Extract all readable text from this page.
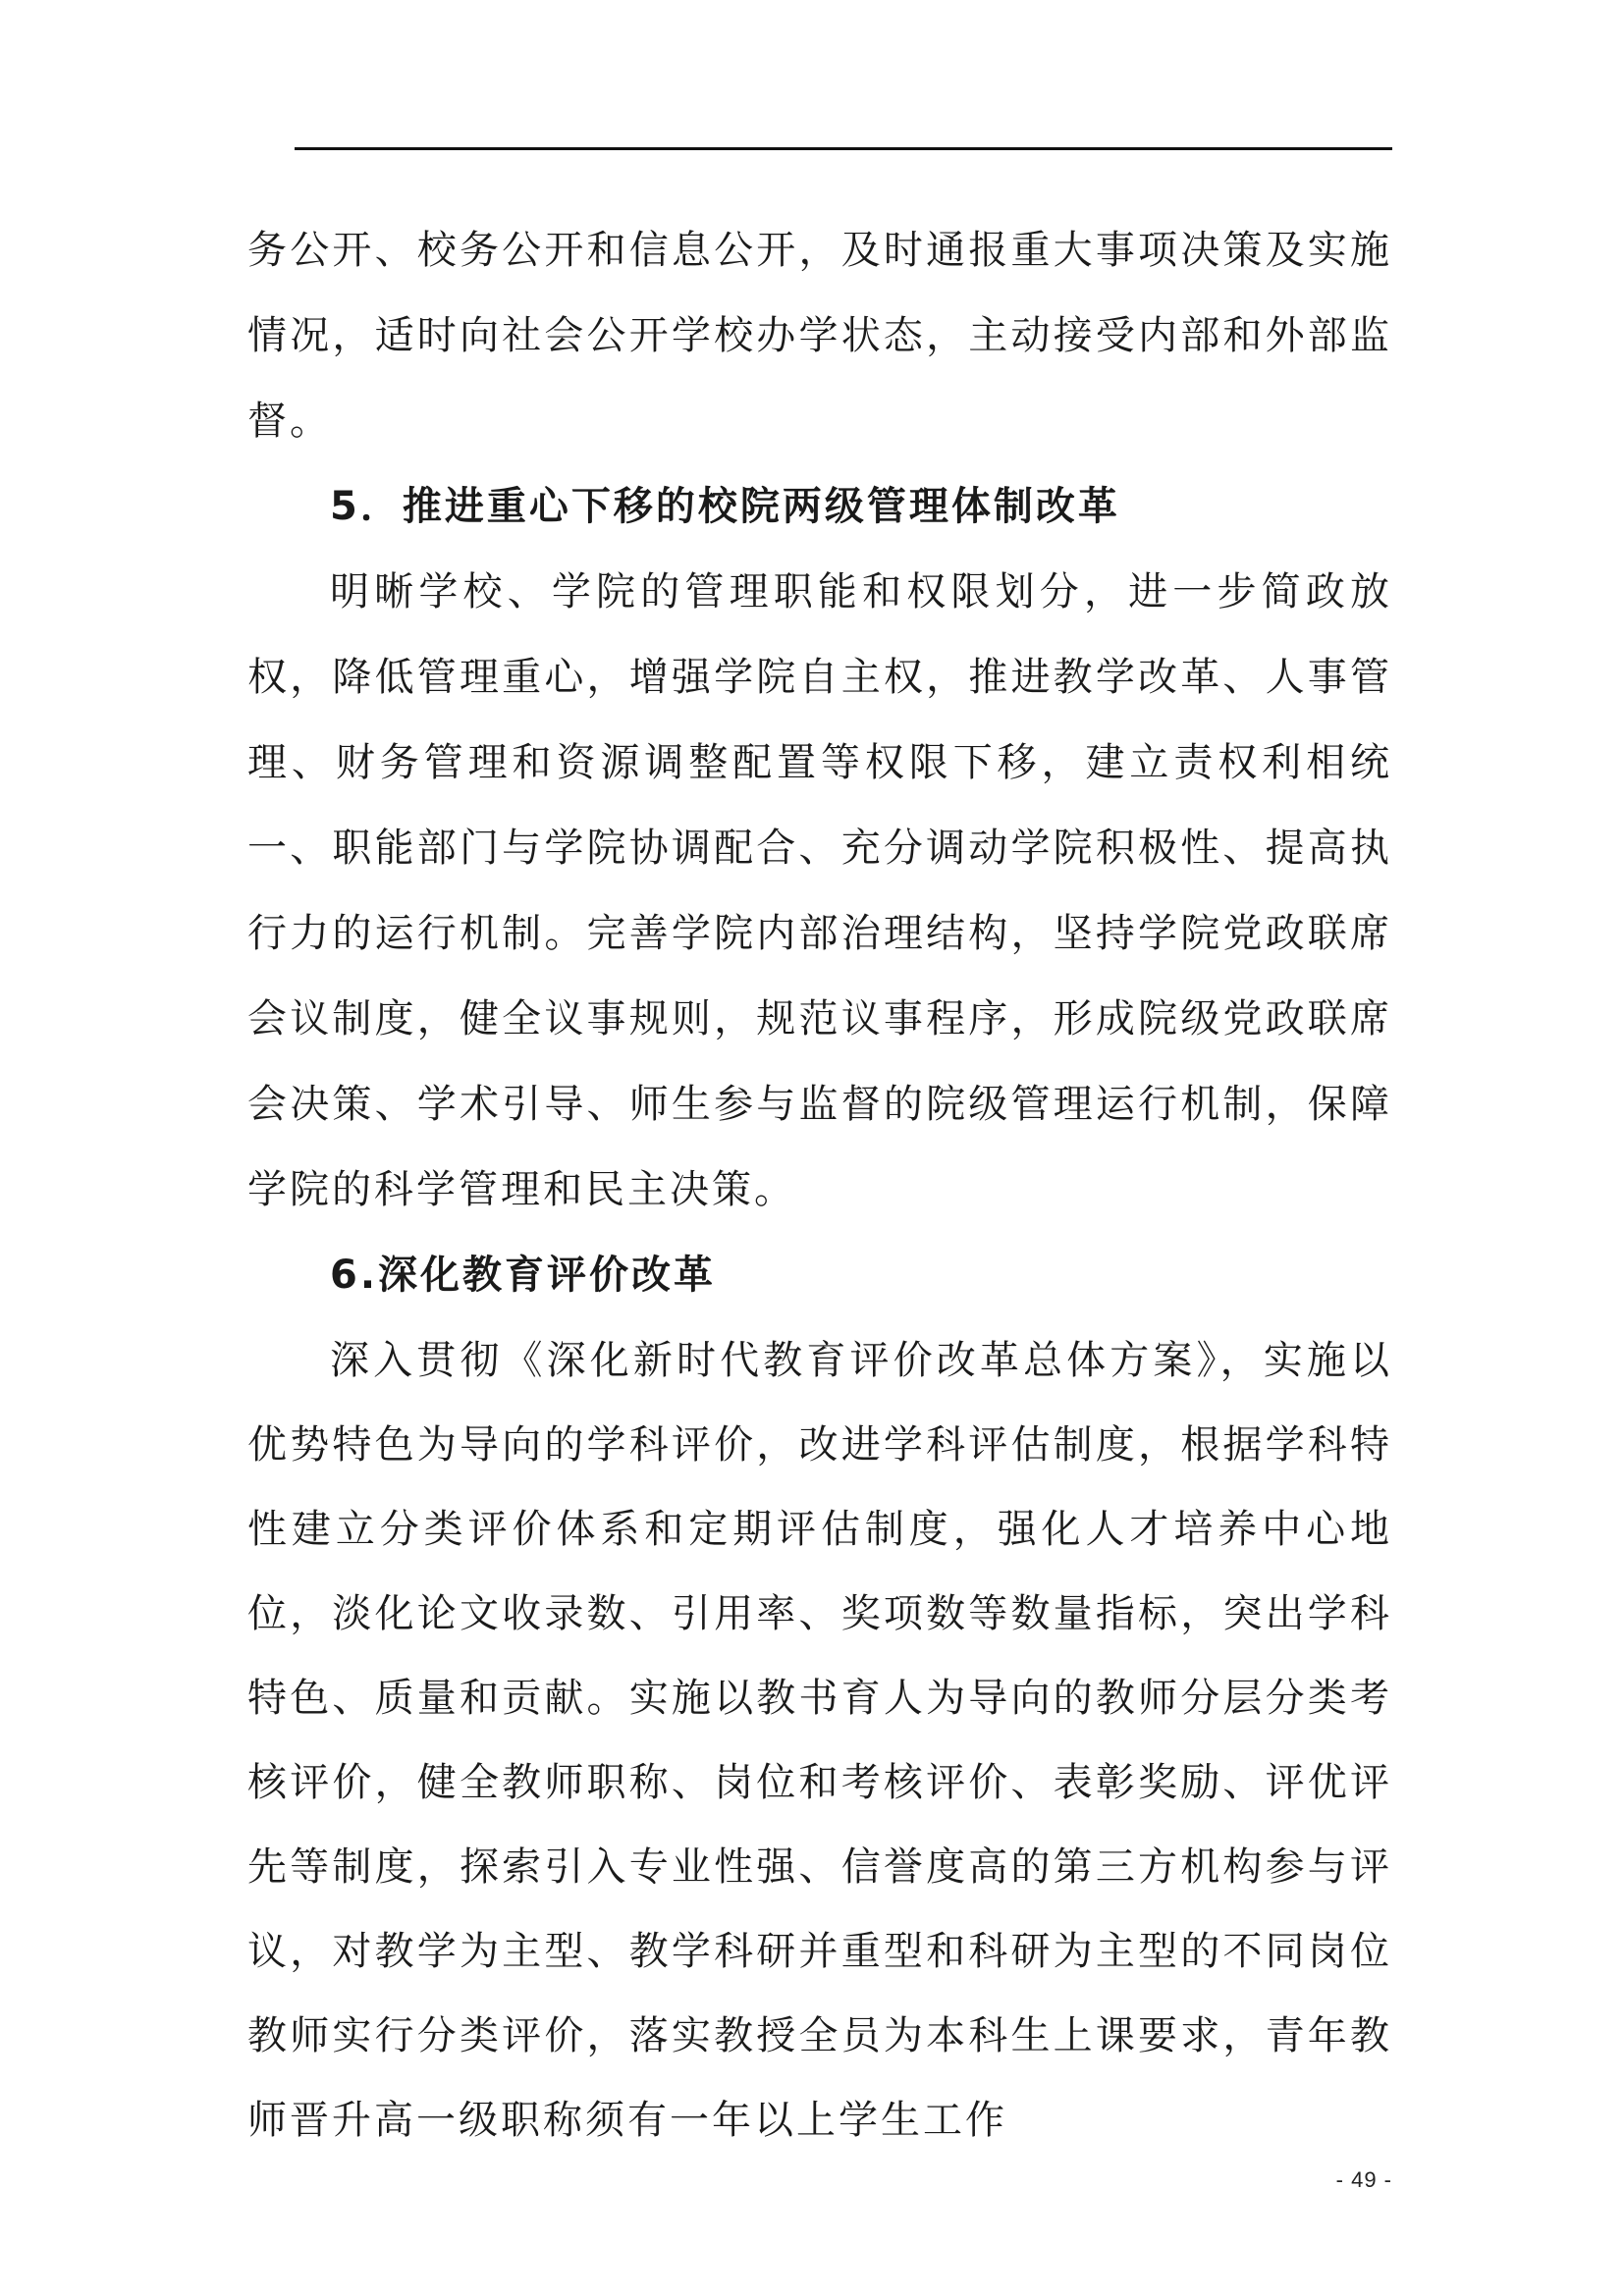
务公开、校务公开和信息公开，及时通报重大事项决策及实施情况，适时向社会公开学校办学状态，主动接受内部和外部监督。

5．推进重心下移的校院两级管理体制改革

明晰学校、学院的管理职能和权限划分，进一步简政放权，降低管理重心，增强学院自主权，推进教学改革、人事管理、财务管理和资源调整配置等权限下移，建立责权利相统一、职能部门与学院协调配合、充分调动学院积极性、提高执行力的运行机制。完善学院内部治理结构，坚持学院党政联席会议制度，健全议事规则，规范议事程序，形成院级党政联席会决策、学术引导、师生参与监督的院级管理运行机制，保障学院的科学管理和民主决策。

6.深化教育评价改革

深入贯彻《深化新时代教育评价改革总体方案》，实施以优势特色为导向的学科评价，改进学科评估制度，根据学科特性建立分类评价体系和定期评估制度，强化人才培养中心地位，淡化论文收录数、引用率、奖项数等数量指标，突出学科特色、质量和贡献。实施以教书育人为导向的教师分层分类考核评价，健全教师职称、岗位和考核评价、表彰奖励、评优评先等制度，探索引入专业性强、信誉度高的第三方机构参与评议，对教学为主型、教学科研并重型和科研为主型的不同岗位教师实行分类评价，落实教授全员为本科生上课要求，青年教师晋升高一级职称须有一年以上学生工作

- 49 -
